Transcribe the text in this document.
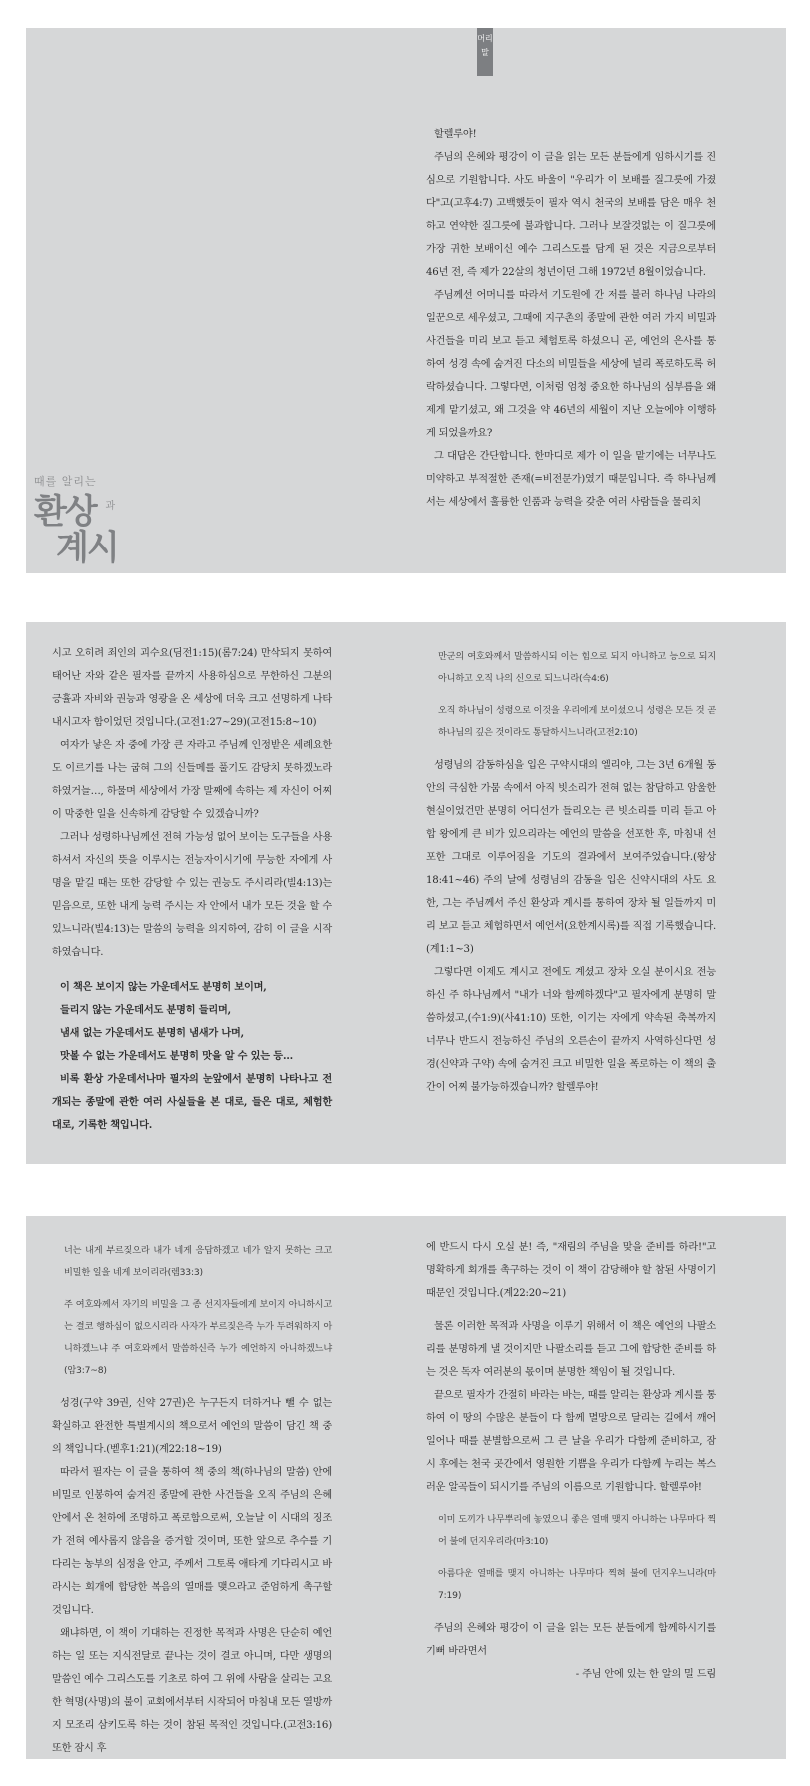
머리말
때를 알리는
환상 $^과$
계시

할렐루야!

주님의 은혜와 평강이 이 글을 읽는 모든 분들에게 임하시기를 진심으로 기원합니다. 사도 바울이 "우리가 이 보배를 질그릇에 가졌다"고(고후4:7) 고백했듯이 필자 역시 천국의 보배를 담은 매우 천하고 연약한 질그릇에 불과합니다. 그러나 보잘것없는 이 질그릇에 가장 귀한 보배이신 예수 그리스도를 담게 된 것은 지금으로부터 46년 전, 즉 제가 22살의 청년이던 그해 1972년 8월이었습니다.

주님께선 어머니를 따라서 기도원에 간 저를 불러 하나님 나라의 일꾼으로 세우셨고, 그때에 지구촌의 종말에 관한 여러 가지 비밀과 사건들을 미리 보고 듣고 체험토록 하셨으니 곧, 예언의 은사를 통하여 성경 속에 숨겨진 다소의 비밀들을 세상에 널리 폭로하도록 허락하셨습니다. 그렇다면, 이처럼 엄청 중요한 하나님의 심부름을 왜 제게 맡기셨고, 왜 그것을 약 46년의 세월이 지난 오늘에야 이행하게 되었을까요?

그 대답은 간단합니다. 한마디로 제가 이 일을 맡기에는 너무나도 미약하고 부적절한 존재(=비전문가)였기 때문입니다. 즉 하나님께서는 세상에서 훌륭한 인품과 능력을 갖춘 여러 사람들을 물리치

시고 오히려 죄인의 괴수요(딤전1:15)(롬7:24) 만삭되지 못하여 태어난 자와 같은 필자를 끝까지 사용하심으로 무한하신 그분의 긍휼과 자비와 권능과 영광을 온 세상에 더욱 크고 선명하게 나타내시고자 함이었던 것입니다.(고전1:27~29)(고전15:8~10)

여자가 낳은 자 중에 가장 큰 자라고 주님께 인정받은 세례요한도 이르기를 나는 굽혀 그의 신들메를 풀기도 감당치 못하겠노라 하였거늘…, 하물며 세상에서 가장 말째에 속하는 제 자신이 어찌 이 막중한 일을 신속하게 감당할 수 있겠습니까?

그러나 성령하나님께선 전혀 가능성 없어 보이는 도구들을 사용하셔서 자신의 뜻을 이루시는 전능자이시기에 무능한 자에게 사명을 맡길 때는 또한 감당할 수 있는 권능도 주시리라(빌4:13)는 믿음으로, 또한 내게 능력 주시는 자 안에서 내가 모든 것을 할 수 있느니라(빌4:13)는 말씀의 능력을 의지하여, 감히 이 글을 시작하였습니다.

이 책은 보이지 않는 가운데서도 분명히 보이며,

들리지 않는 가운데서도 분명히 들리며,

냄새 없는 가운데서도 분명히 냄새가 나며,

맛볼 수 없는 가운데서도 분명히 맛을 알 수 있는 등…

비록 환상 가운데서나마 필자의 눈앞에서 분명히 나타나고 전개되는 종말에 관한 여러 사실들을 본 대로, 들은 대로, 체험한 대로, 기록한 책입니다.

만군의 여호와께서 말씀하시되 이는 힘으로 되지 아니하고 능으로 되지 아니하고 오직 나의 신으로 되느니라(슥4:6)

오직 하나님이 성령으로 이것을 우리에게 보이셨으니 성령은 모든 것 곧 하나님의 깊은 것이라도 통달하시느니라(고전2:10)

성령님의 감동하심을 입은 구약시대의 엘리야, 그는 3년 6개월 동안의 극심한 가뭄 속에서 아직 빗소리가 전혀 없는 참담하고 암울한 현실이었건만 분명히 어디선가 들리오는 큰 빗소리를 미리 듣고 아합 왕에게 큰 비가 있으리라는 예언의 말씀을 선포한 후, 마침내 선포한 그대로 이루어짐을 기도의 결과에서 보여주었습니다.(왕상18:41~46) 주의 날에 성령님의 감동을 입은 신약시대의 사도 요한, 그는 주님께서 주신 환상과 계시를 통하여 장차 될 일들까지 미리 보고 듣고 체험하면서 예언서(요한계시록)를 직접 기록했습니다.(계1:1~3)

그렇다면 이제도 계시고 전에도 계셨고 장차 오실 분이시요 전능하신 주 하나님께서 "내가 너와 함께하겠다"고 필자에게 분명히 말씀하셨고,(수1:9)(사41:10) 또한, 이기는 자에게 약속된 축복까지 너무나 반드시 전능하신 주님의 오른손이 끝까지 사역하신다면 성경(신약과 구약) 속에 숨겨진 크고 비밀한 일을 폭로하는 이 책의 출간이 어찌 불가능하겠습니까? 할렐루야!

너는 내게 부르짖으라 내가 네게 응답하겠고 네가 알지 못하는 크고 비밀한 일을 네게 보이리라(렘33:3)

주 여호와께서 자기의 비밀을 그 종 선지자들에게 보이지 아니하시고는 결코 행하심이 없으시리라 사자가 부르짖은즉 누가 두려워하지 아니하겠느냐 주 여호와께서 말씀하신즉 누가 예언하지 아니하겠느냐(암3:7~8)

성경(구약 39권, 신약 27권)은 누구든지 더하거나 뺄 수 없는 확실하고 완전한 특별계시의 책으로서 예언의 말씀이 담긴 책 중의 책입니다.(벧후1:21)(계22:18~19)

따라서 필자는 이 글을 통하여 책 중의 책(하나님의 말씀) 안에 비밀로 인봉하여 숨겨진 종말에 관한 사건들을 오직 주님의 은혜 안에서 온 천하에 조명하고 폭로함으로써, 오늘날 이 시대의 징조가 전혀 예사롭지 않음을 증거할 것이며, 또한 앞으로 추수를 기다리는 농부의 심정을 안고, 주께서 그토록 애타게 기다리시고 바라시는 회개에 합당한 복음의 열매를 맺으라고 준엄하게 촉구할 것입니다.

왜냐하면, 이 책이 기대하는 진정한 목적과 사명은 단순히 예언하는 일 또는 지식전달로 끝나는 것이 결코 아니며, 다만 생명의 말씀인 예수 그리스도를 기초로 하여 그 위에 사람을 살리는 고요한 혁명(사명)의 불이 교회에서부터 시작되어 마침내 모든 열방까지 모조리 삼키도록 하는 것이 참된 목적인 것입니다.(고전3:16) 또한 잠시 후

에 반드시 다시 오실 분! 즉, "재림의 주님을 맞을 준비를 하라!"고 명확하게 회개를 촉구하는 것이 이 책이 감당해야 할 참된 사명이기 때문인 것입니다.(계22:20~21)

물론 이러한 목적과 사명을 이루기 위해서 이 책은 예언의 나팔소리를 분명하게 낼 것이지만 나팔소리를 듣고 그에 합당한 준비를 하는 것은 독자 여러분의 몫이며 분명한 책임이 될 것입니다.

끝으로 필자가 간절히 바라는 바는, 때를 알리는 환상과 계시를 통하여 이 땅의 수많은 분들이 다 함께 멸망으로 달리는 길에서 깨어 일어나 때를 분별함으로써 그 큰 날을 우리가 다함께 준비하고, 잠시 후에는 천국 곳간에서 영원한 기쁨을 우리가 다함께 누리는 복스러운 알곡들이 되시기를 주님의 이름으로 기원합니다. 할렐루야!

이미 도끼가 나무뿌리에 놓였으니 좋은 열매 맺지 아니하는 나무마다 찍어 불에 던지우리라(마3:10)

아름다운 열매를 맺지 아니하는 나무마다 찍혀 불에 던지우느니라(마7:19)

주님의 은혜와 평강이 이 글을 읽는 모든 분들에게 함께하시기를 기뻐 바라면서

- 주님 안에 있는 한 알의 밀 드림
